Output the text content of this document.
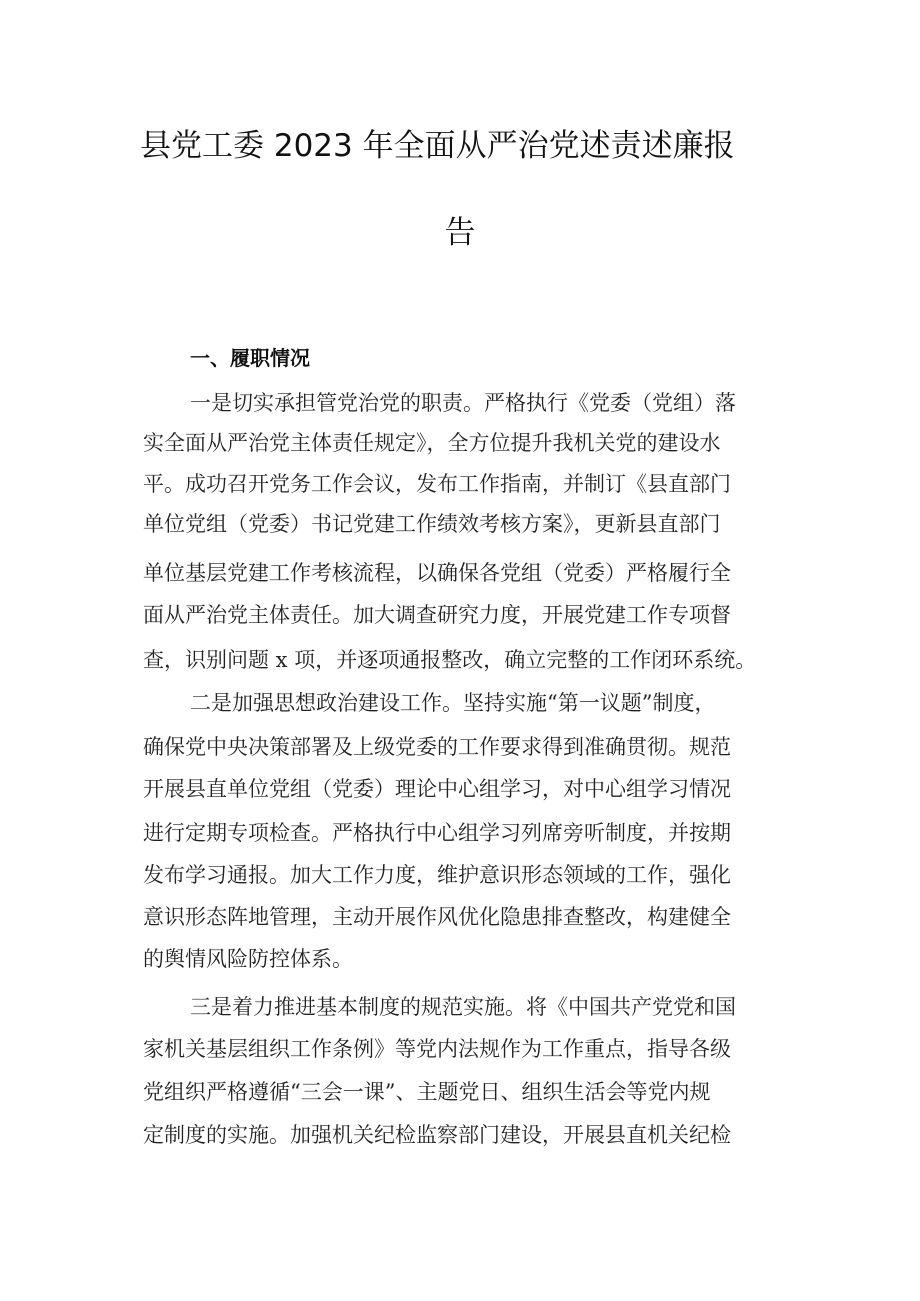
县党工委 2023 年全面从严治党述责述廉报
告
一、履职情况
一是切实承担管党治党的职责。严格执行《党委（党组）落
实全面从严治党主体责任规定》，全方位提升我机关党的建设水
平。成功召开党务工作会议，发布工作指南，并制订《县直部门
单位党组（党委）书记党建工作绩效考核方案》，更新县直部门
单位基层党建工作考核流程，以确保各党组（党委）严格履行全
面从严治党主体责任。加大调查研究力度，开展党建工作专项督
查，识别问题 x 项，并逐项通报整改，确立完整的工作闭环系统。
二是加强思想政治建设工作。坚持实施“第一议题”制度，
确保党中央决策部署及上级党委的工作要求得到准确贯彻。规范
开展县直单位党组（党委）理论中心组学习，对中心组学习情况
进行定期专项检查。严格执行中心组学习列席旁听制度，并按期
发布学习通报。加大工作力度，维护意识形态领域的工作，强化
意识形态阵地管理，主动开展作风优化隐患排查整改，构建健全
的舆情风险防控体系。
三是着力推进基本制度的规范实施。将《中国共产党党和国
家机关基层组织工作条例》等党内法规作为工作重点，指导各级
党组织严格遵循“三会一课”、主题党日、组织生活会等党内规
定制度的实施。加强机关纪检监察部门建设，开展县直机关纪检
